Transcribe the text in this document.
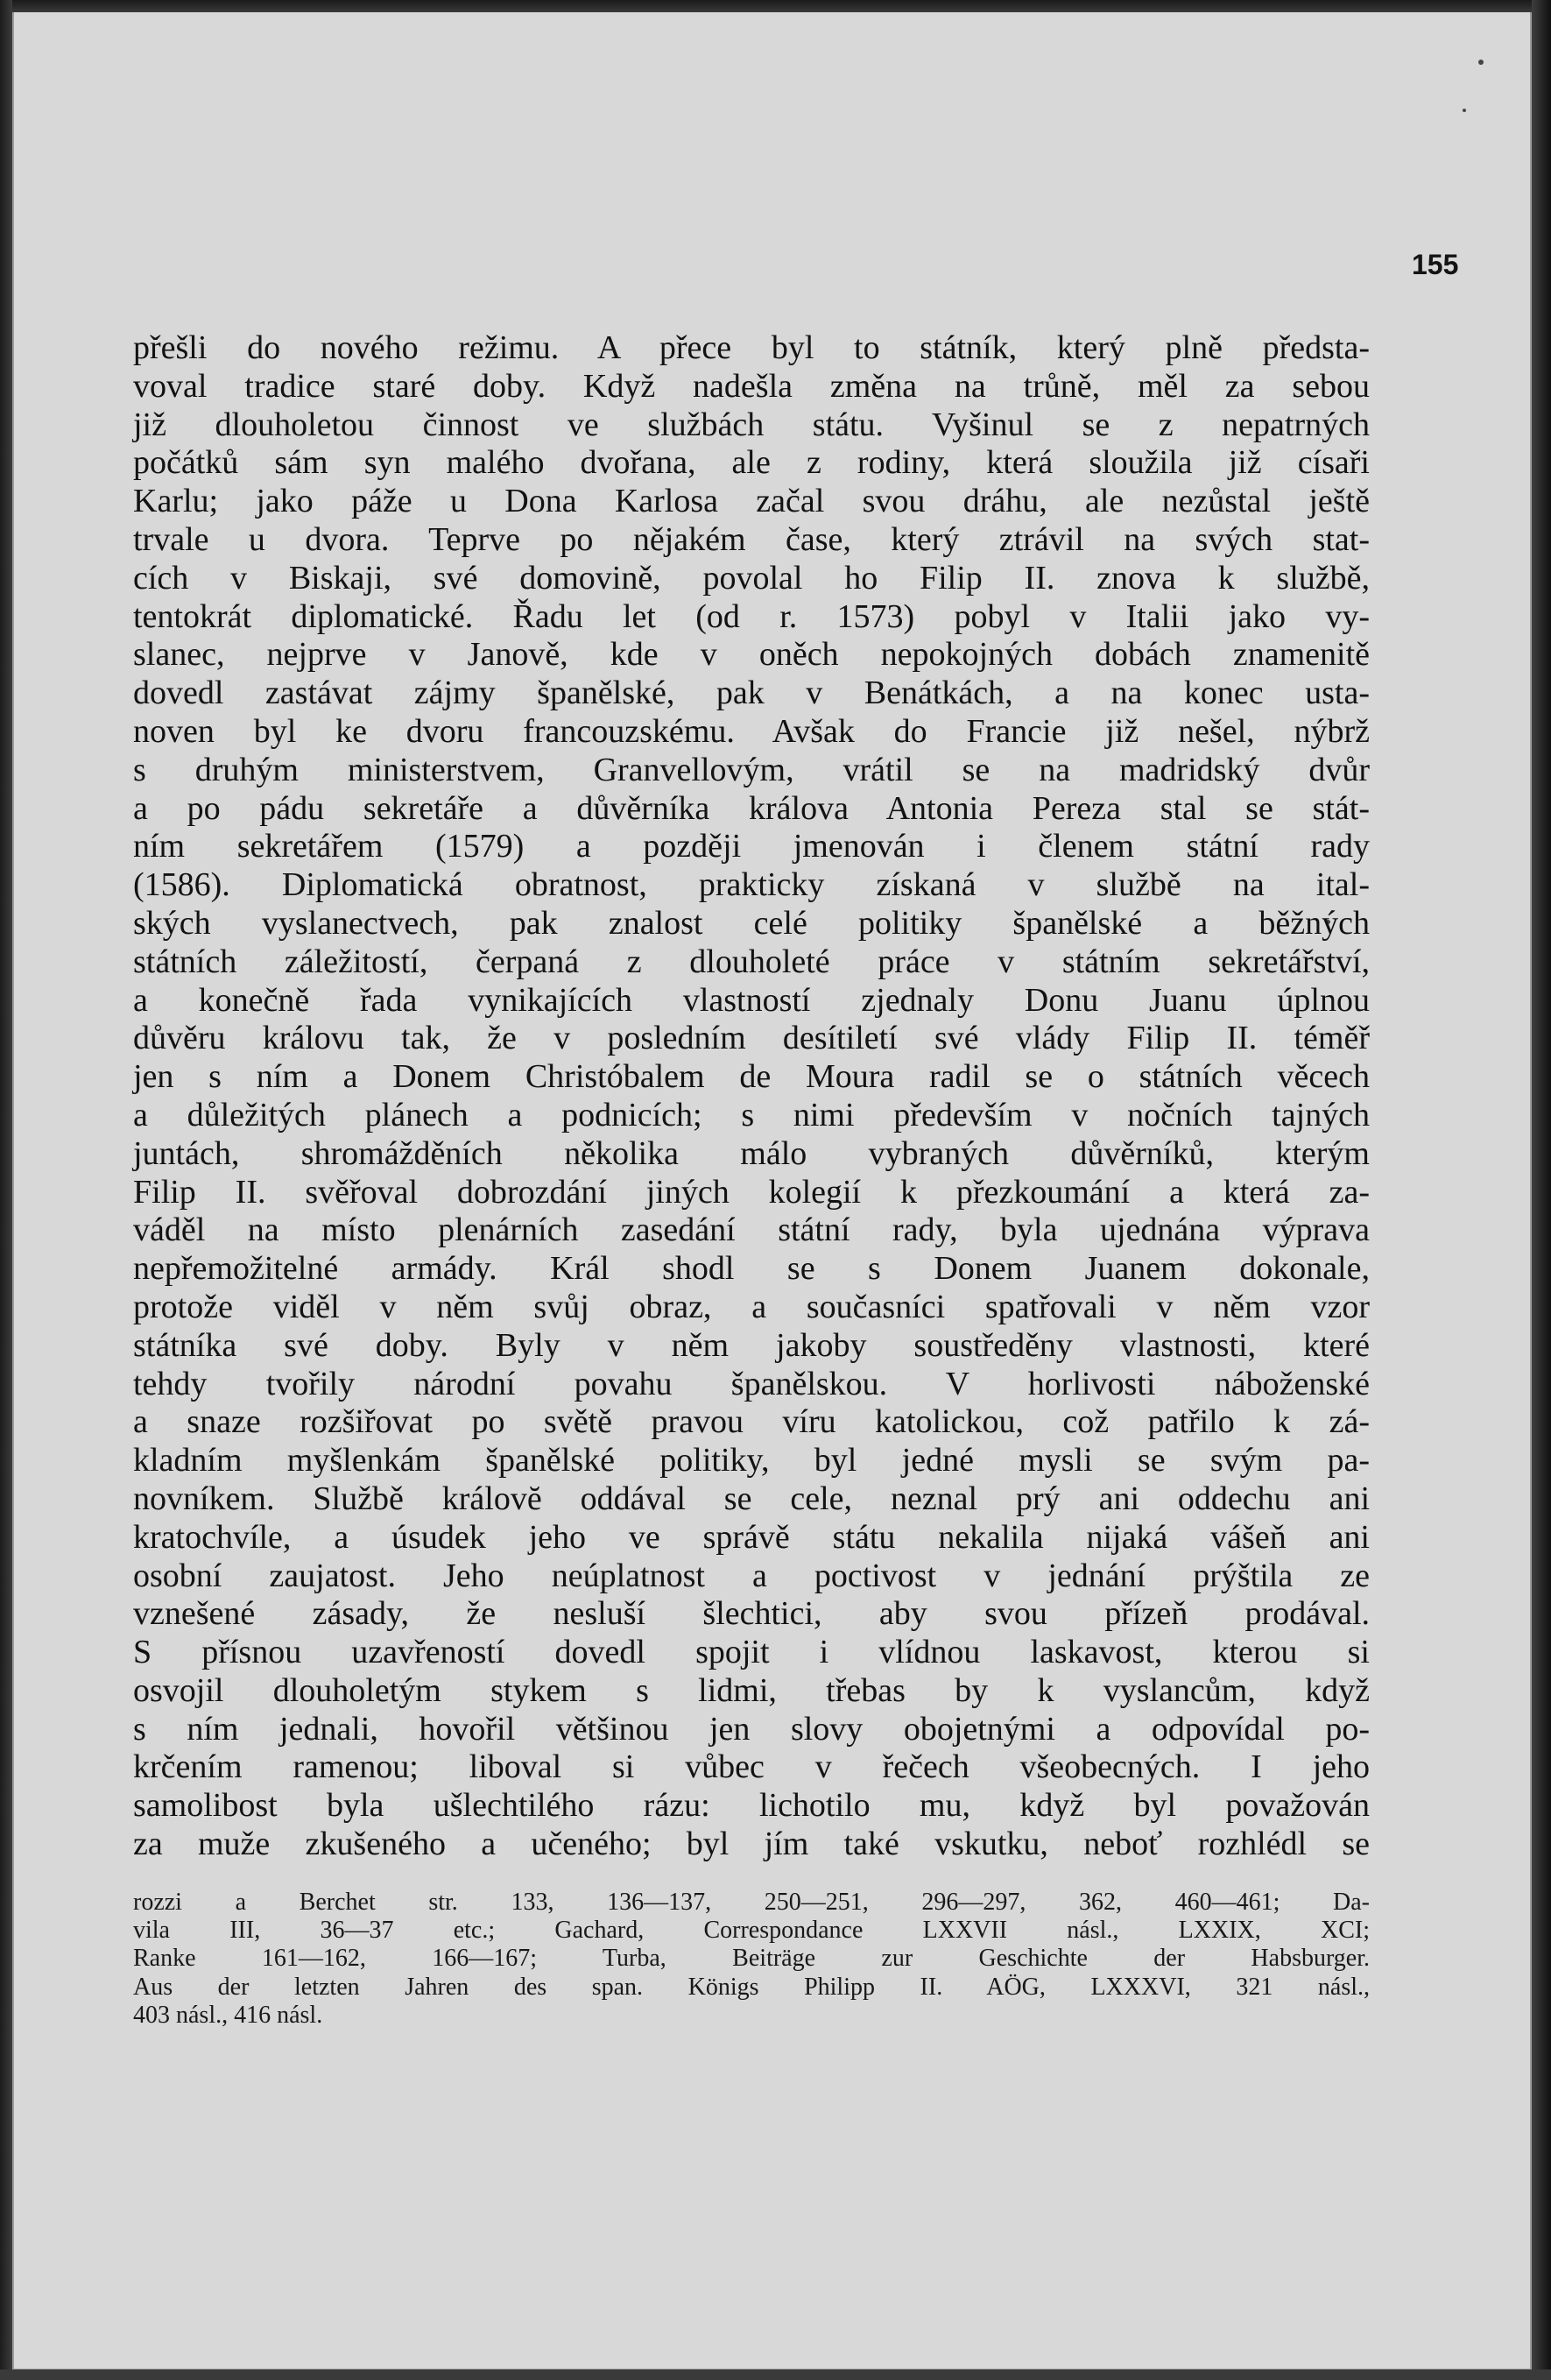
155

přešli do nového režimu. A přece byl to státník, který plně předsta-
voval tradice staré doby. Když nadešla změna na trůně, měl za sebou
již dlouholetou činnost ve službách státu. Vyšinul se z nepatrných
počátků sám syn malého dvořana, ale z rodiny, která sloužila již císaři
Karlu; jako páže u Dona Karlosa začal svou dráhu, ale nezůstal ještě
trvale u dvora. Teprve po nějakém čase, který ztrávil na svých stat-
cích v Biskaji, své domovině, povolal ho Filip II. znova k službě,
tentokrát diplomatické. Řadu let (od r. 1573) pobyl v Italii jako vy-
slanec, nejprve v Janově, kde v oněch nepokojných dobách znamenitě
dovedl zastávat zájmy španělské, pak v Benátkách, a na konec usta-
noven byl ke dvoru francouzskému. Avšak do Francie již nešel, nýbrž
s druhým ministerstvem, Granvellovým, vrátil se na madridský dvůr
a po pádu sekretáře a důvěrníka králova Antonia Pereza stal se stát-
ním sekretářem (1579) a později jmenován i členem státní rady
(1586). Diplomatická obratnost, prakticky získaná v službě na ital-
ských vyslanectvech, pak znalost celé politiky španělské a běžných
státních záležitostí, čerpaná z dlouholeté práce v státním sekretářství,
a konečně řada vynikajících vlastností zjednaly Donu Juanu úplnou
důvěru královu tak, že v posledním desítiletí své vlády Filip II. téměř
jen s ním a Donem Christóbalem de Moura radil se o státních věcech
a důležitých plánech a podnicích; s nimi především v nočních tajných
juntách, shromážděních několika málo vybraných důvěrníků, kterým
Filip II. svěřoval dobrozdání jiných kolegií k přezkoumání a která za-
váděl na místo plenárních zasedání státní rady, byla ujednána výprava
nepřemožitelné armády. Král shodl se s Donem Juanem dokonale,
protože viděl v něm svůj obraz, a současníci spatřovali v něm vzor
státníka své doby. Byly v něm jakoby soustředěny vlastnosti, které
tehdy tvořily národní povahu španělskou. V horlivosti náboženské
a snaze rozšiřovat po světě pravou víru katolickou, což patřilo k zá-
kladním myšlenkám španělské politiky, byl jedné mysli se svým pa-
novníkem. Službě královĕ oddával se cele, neznal prý ani oddechu ani
kratochvíle, a úsudek jeho ve správě státu nekalila nijaká vášeň ani
osobní zaujatost. Jeho neúplatnost a poctivost v jednání prýštila ze
vznešené zásady, že nesluší šlechtici, aby svou přízeň prodával.
S přísnou uzavřeností dovedl spojit i vlídnou laskavost, kterou si
osvojil dlouholetým stykem s lidmi, třebas by k vyslancům, když
s ním jednali, hovořil většinou jen slovy obojetnými a odpovídal po-
krčením ramenou; liboval si vůbec v řečech všeobecných. I jeho
samolibost byla ušlechtilého rázu: lichotilo mu, když byl považován
za muže zkušeného a učeného; byl jím také vskutku, neboť rozhlédl se
rozzi a Berchet str. 133, 136—137, 250—251, 296—297, 362, 460—461; Da-
vila III, 36—37 etc.; Gachard, Correspondance LXXVII násl., LXXIX, XCI;
Ranke 161—162, 166—167; Turba, Beiträge zur Geschichte der Habsburger.
Aus der letzten Jahren des span. Königs Philipp II. AÖG, LXXXVI, 321 násl.,
403 násl., 416 násl.
